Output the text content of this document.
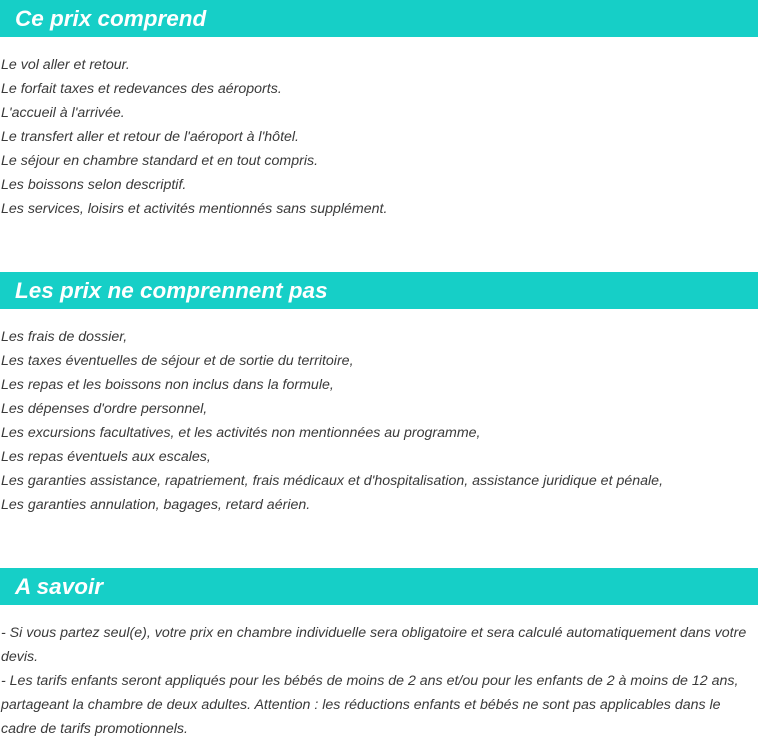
Ce prix comprend
Le vol aller et retour.
Le forfait taxes et redevances des aéroports.
L'accueil à l'arrivée.
Le transfert aller et retour de l'aéroport à l'hôtel.
Le séjour en chambre standard et en tout compris.
Les boissons selon descriptif.
Les services, loisirs et activités mentionnés sans supplément.
Les prix ne comprennent pas
Les frais de dossier,
Les taxes éventuelles de séjour et de sortie du territoire,
Les repas et les boissons non inclus dans la formule,
Les dépenses d'ordre personnel,
Les excursions facultatives, et les activités non mentionnées au programme,
Les repas éventuels aux escales,
Les garanties assistance, rapatriement, frais médicaux et d'hospitalisation, assistance juridique et pénale,
Les garanties annulation, bagages, retard aérien.
A savoir

- Si vous partez seul(e), votre prix en chambre individuelle sera obligatoire et sera calculé automatiquement dans votre devis.

- Les tarifs enfants seront appliqués pour les bébés de moins de 2 ans et/ou pour les enfants de 2 à moins de 12 ans, partageant la chambre de deux adultes. Attention : les réductions enfants et bébés ne sont pas applicables dans le cadre de tarifs promotionnels.
